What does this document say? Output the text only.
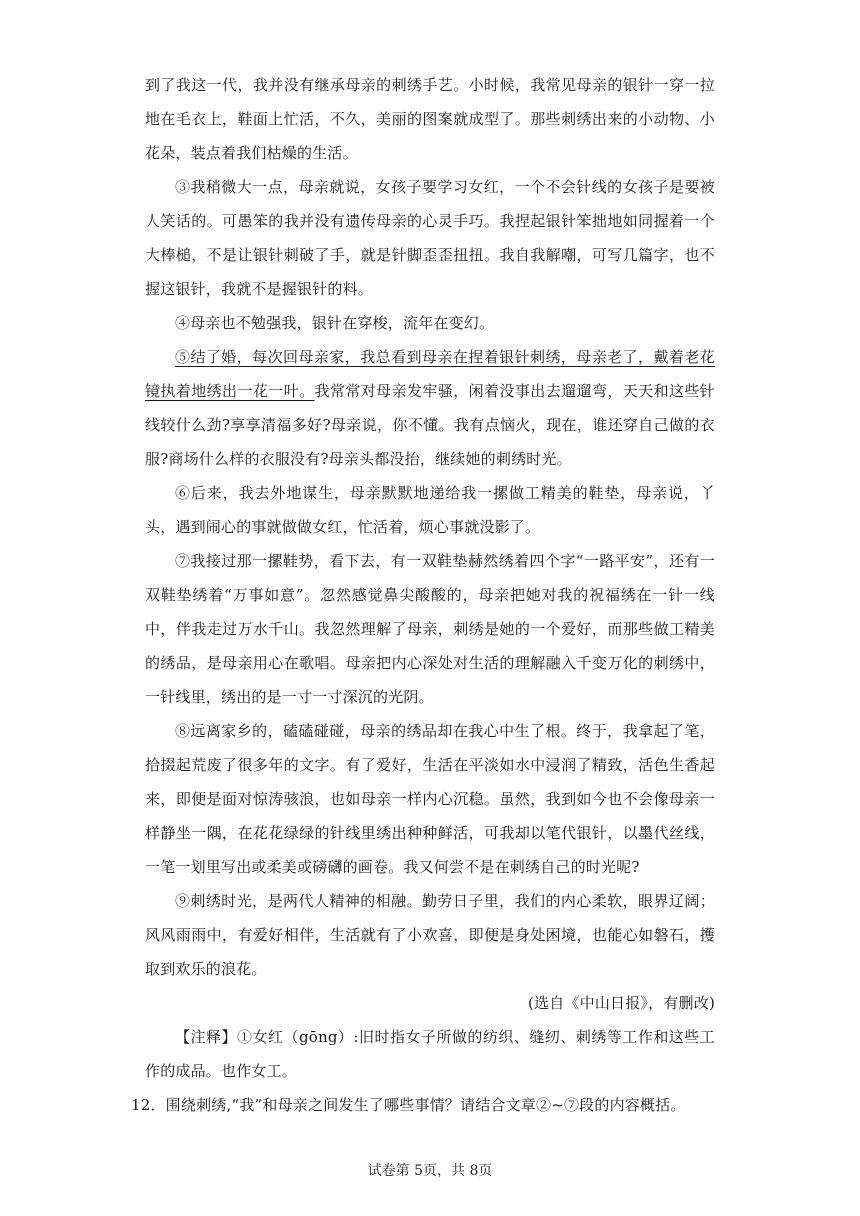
到了我这一代，我并没有继承母亲的刺绣手艺。小时候，我常见母亲的银针一穿一拉地在毛衣上，鞋面上忙活，不久，美丽的图案就成型了。那些刺绣出来的小动物、小花朵，装点着我们枯燥的生活。

③我稍微大一点，母亲就说，女孩子要学习女红，一个不会针线的女孩子是要被人笑话的。可愚笨的我并没有遗传母亲的心灵手巧。我捏起银针笨拙地如同握着一个大棒槌，不是让银针刺破了手，就是针脚歪歪扭扭。我自我解嘲，可写几篇字，也不握这银针，我就不是握银针的料。

④母亲也不勉强我，银针在穿梭，流年在变幻。

⑤结了婚，每次回母亲家，我总看到母亲在捏着银针刺绣，母亲老了，戴着老花镜执着地绣出一花一叶。我常常对母亲发牢骚，闲着没事出去遛遛弯，天天和这些针线较什么劲?享享清福多好?母亲说，你不懂。我有点恼火，现在，谁还穿自己做的衣服?商场什么样的衣服没有?母亲头都没抬，继续她的刺绣时光。

⑥后来，我去外地谋生，母亲默默地递给我一摞做工精美的鞋垫，母亲说，丫头，遇到闹心的事就做做女红，忙活着，烦心事就没影了。

⑦我接过那一摞鞋势，看下去，有一双鞋垫赫然绣着四个字“一路平安”，还有一双鞋垫绣着“万事如意”。忽然感觉鼻尖酸酸的，母亲把她对我的祝福绣在一针一线中，伴我走过万水千山。我忽然理解了母亲，刺绣是她的一个爱好，而那些做工精美的绣品，是母亲用心在歌唱。母亲把内心深处对生活的理解融入千变万化的刺绣中，一针线里，绣出的是一寸一寸深沉的光阴。

⑧远离家乡的，磕磕碰碰，母亲的绣品却在我心中生了根。终于，我拿起了笔，拾掇起荒废了很多年的文字。有了爱好，生活在平淡如水中浸润了精致，活色生香起来，即便是面对惊涛骇浪，也如母亲一样内心沉稳。虽然，我到如今也不会像母亲一样静坐一隅，在花花绿绿的针线里绣出种种鲜活，可我却以笔代银针，以墨代丝线，一笔一划里写出或柔美或磅礴的画卷。我又何尝不是在刺绣自己的时光呢?

⑨刺绣时光，是两代人精神的相融。勤劳日子里，我们的内心柔软，眼界辽阔；风风雨雨中，有爱好相伴，生活就有了小欢喜，即便是身处困境，也能心如磐石，擭取到欢乐的浪花。

(选自《中山日报》，有删改)

【注释】①女红（gōng）:旧时指女子所做的纺织、缝纫、刺绣等工作和这些工作的成品。也作女工。

12．围绕刺绣,“我”和母亲之间发生了哪些事情？请结合文章②~⑦段的内容概括。

试卷第 5页，共 8页
